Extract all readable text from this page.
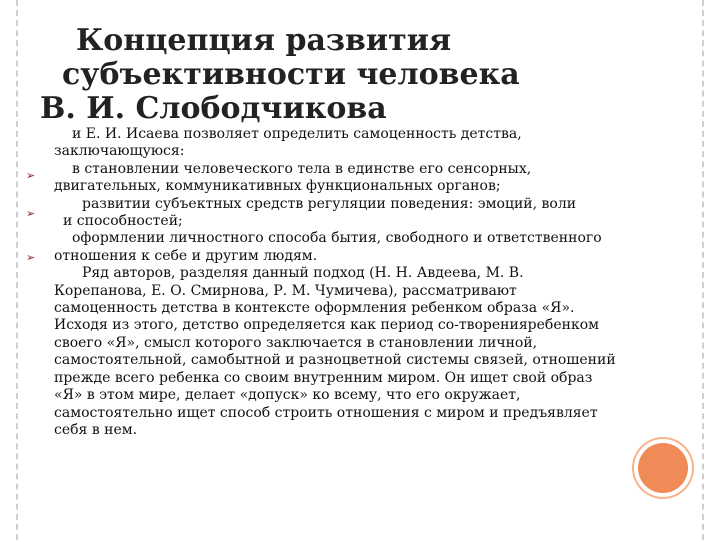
Концепция развития
субъективности человека
В. И. Слободчикова
➢
➢
➢
и Е. И. Исаева позволяет определить самоценность детства,
заключающуюся:
в становлении человеческого тела в единстве его сенсорных,
двигательных, коммуникативных функциональных органов;
развитии субъектных средств регуляции поведения: эмоций, воли
и способностей;
оформлении личностного способа бытия, свободного и ответственного
отношения к себе и другим людям.
Ряд авторов, разделяя данный подход (Н. Н. Авдеева, М. В.
Корепанова, Е. О. Смирнова, Р. М. Чумичева), рассматривают
самоценность детства в контексте оформления ребенком образа «Я».
Исходя из этого, детство определяется как период со-творенияребенком
своего «Я», смысл которого заключается в становлении личной,
самостоятельной, самобытной и разноцветной системы связей, отношений
прежде всего ребенка со своим внутренним миром. Он ищет свой образ
«Я» в этом мире, делает «допуск» ко всему, что его окружает,
самостоятельно ищет способ строить отношения с миром и предъявляет
себя в нем.
